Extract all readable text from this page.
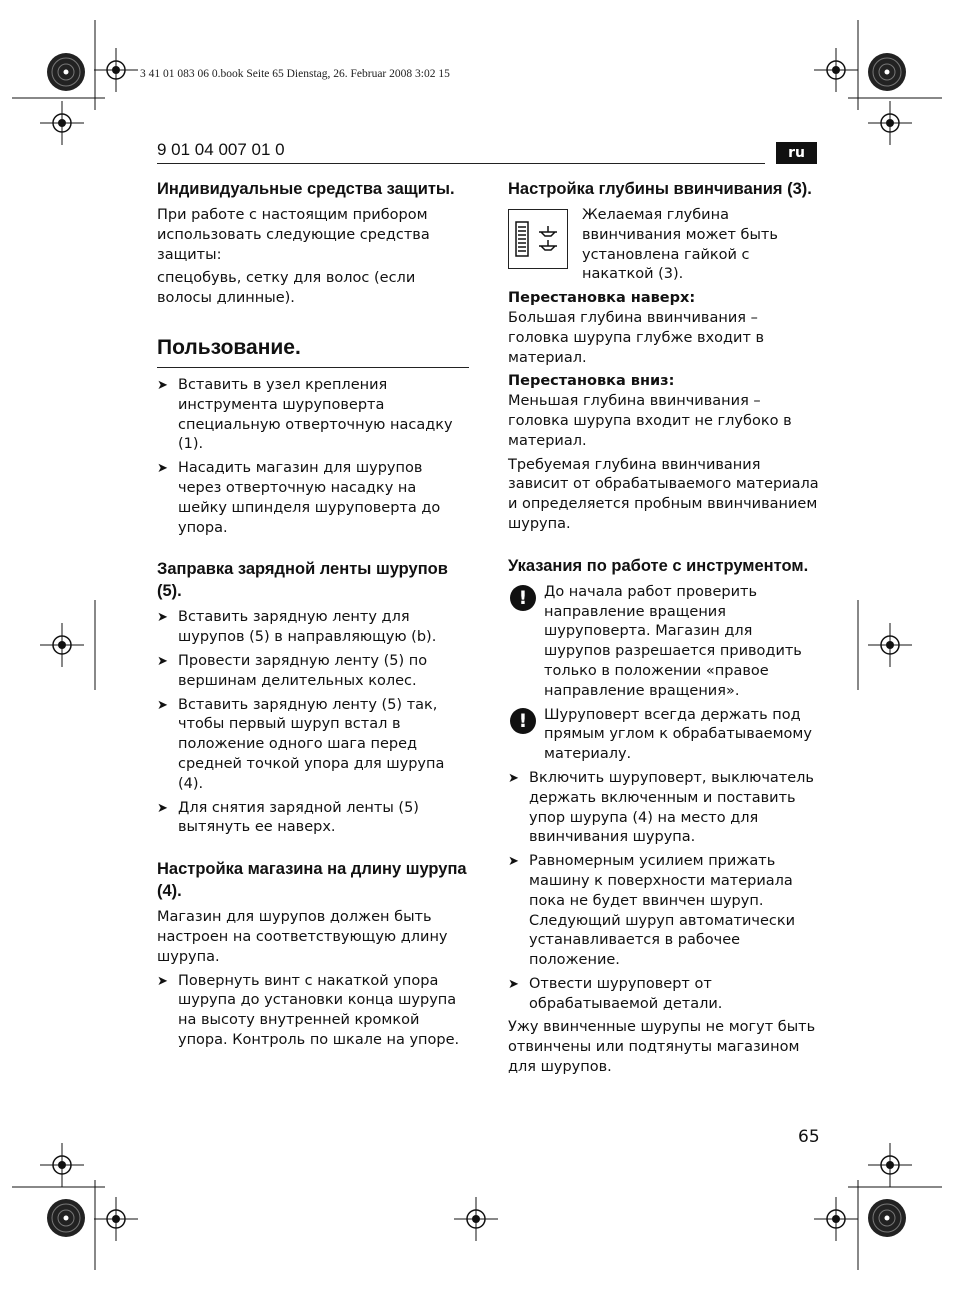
3 41 01 083 06 0.book Seite 65 Dienstag, 26. Februar 2008 3:02 15
9 01 04 007 01 0	ru
Индивидуальные средства защиты.

При работе с настоящим прибором использовать следующие средства защиты:

спецобувь, сетку для волос (если волосы длинные).

Пользование.
➤ Вставить в узел крепления инструмента шуруповерта специальную отверточную насадку (1).
➤ Насадить магазин для шурупов через отверточную насадку на шейку шпинделя шуруповерта до упора.
Заправка зарядной ленты шурупов (5).
➤ Вставить зарядную ленту для шурупов (5) в направляющую (b).
➤ Провести зарядную ленту (5) по вершинам делительных колес.
➤ Вставить зарядную ленту (5) так, чтобы первый шуруп встал в положение одного шага перед средней точкой упора для шурупа (4).
➤ Для снятия зарядной ленты (5) вытянуть ее наверх.
Настройка магазина на длину шурупа (4).

Магазин для шурупов должен быть настроен на соответствующую длину шурупа.

➤ Повернуть винт с накаткой упора шурупа до установки конца шурупа на высоту внутренней кромкой упора. Контроль по шкале на упоре.
Настройка глубины ввинчивания (3).

Желаемая глубина ввинчивания может быть установлена гайкой с накаткой (3).

Перестановка наверх:

Большая глубина ввинчивания – головка шурупа глубже входит в материал.

Перестановка вниз:

Меньшая глубина ввинчивания – головка шурупа входит не глубоко в материал.

Требуемая глубина ввинчивания зависит от обрабатываемого материала и определяется пробным ввинчиванием шурупа.

Указания по работе с инструментом.
!	До начала работ проверить направление вращения шуруповерта. Магазин для шурупов разрешается приводить только в положении «правое направление вращения».
!	Шуруповерт всегда держать под прямым углом к обрабатываемому материалу.
➤ Включить шуруповерт, выключатель держать включенным и поставить упор шурупа (4) на место для ввинчивания шурупа.
➤ Равномерным усилием прижать машину к поверхности материала пока не будет ввинчен шуруп. Следующий шуруп автоматически устанавливается в рабочее положение.
➤ Отвести шуруповерт от обрабатываемой детали.

Ужу ввинченные шурупы не могут быть отвинчены или подтянуты магазином для шурупов.

65
